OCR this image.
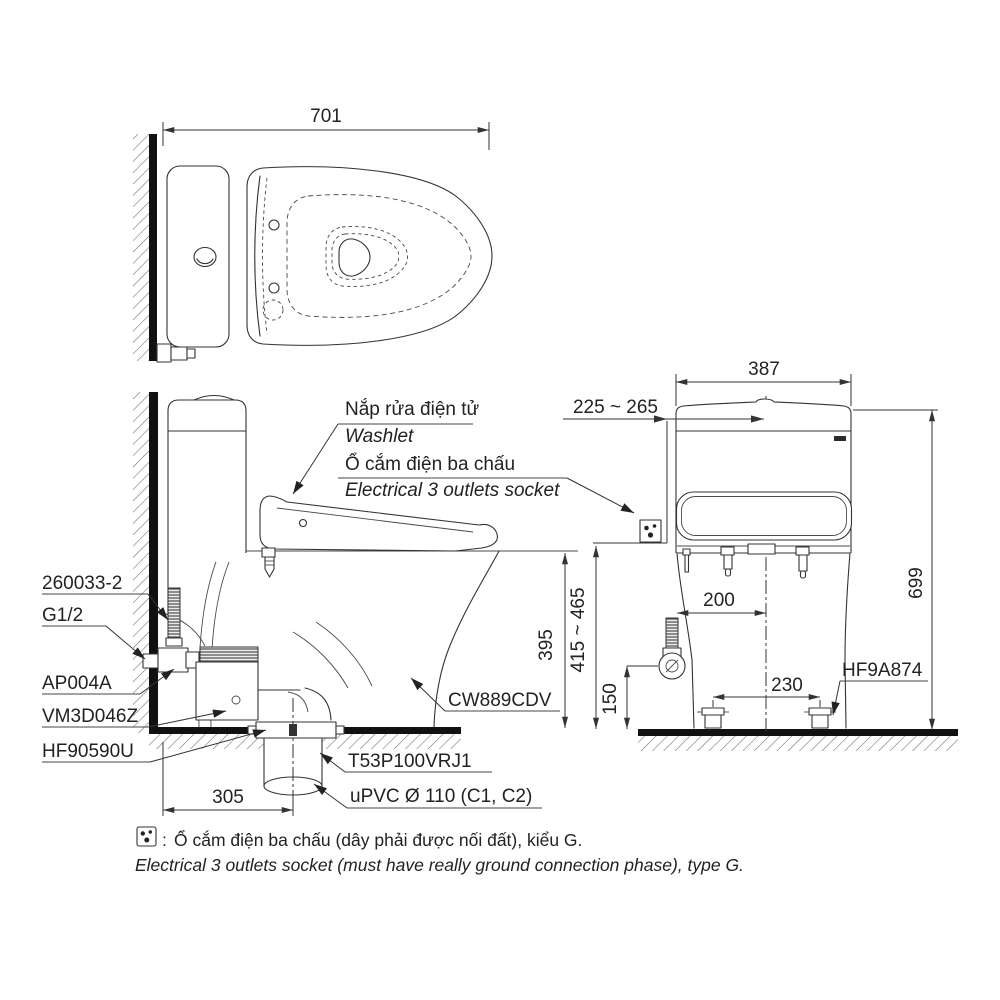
701
395
305
Nắp rửa điện tử
Washlet
Ổ cắm điện ba chấu
Electrical 3 outlets socket
260033-2
G1/2
AP004A
VM3D046Z
HF90590U
CW889CDV
T53P100VRJ1
uPVC Ø 110 (C1, C2)
387
225 ~ 265
699
415 ~ 465
150
200
230
HF9A874
: Ổ cắm điện ba chấu (dây phải được nối đất), kiểu G.
Electrical 3 outlets socket (must have really ground connection phase), type G.
